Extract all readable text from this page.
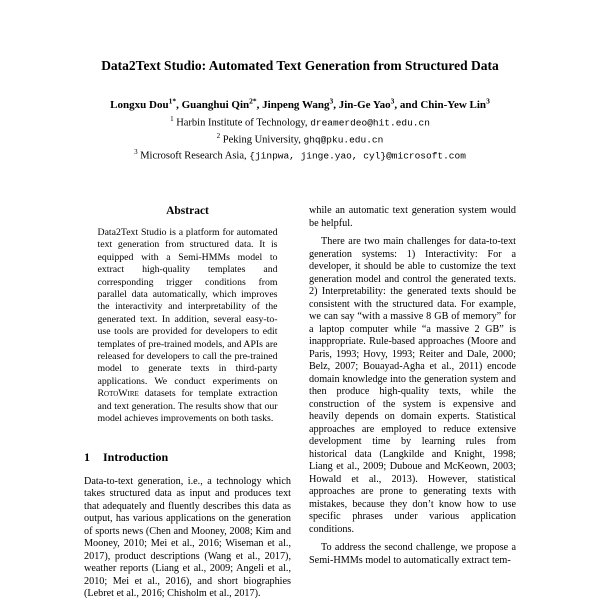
Data2Text Studio: Automated Text Generation from Structured Data
Longxu Dou$^{1*}$, Guanghui Qin$^{2*}$, Jinpeng Wang$^3$, Jin-Ge Yao$^3$, and Chin-Yew Lin$^3$
$^1$ Harbin Institute of Technology, dreamerdeo@hit.edu.cn
$^2$ Peking University, ghq@pku.edu.cn
$^3$ Microsoft Research Asia, {jinpwa, jinge.yao, cyl}@microsoft.com
Abstract

Data2Text Studio is a platform for automated text generation from structured data. It is equipped with a Semi-HMMs model to extract high-quality templates and corresponding trigger conditions from parallel data automatically, which improves the interactivity and interpretability of the generated text. In addition, several easy-to-use tools are provided for developers to edit templates of pre-trained models, and APIs are released for developers to call the pre-trained model to generate texts in third-party applications. We conduct experiments on RotoWire datasets for template extraction and text generation. The results show that our model achieves improvements on both tasks.

1 Introduction

Data-to-text generation, i.e., a technology which takes structured data as input and produces text that adequately and fluently describes this data as output, has various applications on the generation of sports news (Chen and Mooney, 2008; Kim and Mooney, 2010; Mei et al., 2016; Wiseman et al., 2017), product descriptions (Wang et al., 2017), weather reports (Liang et al., 2009; Angeli et al., 2010; Mei et al., 2016), and short biographies (Lebret et al., 2016; Chisholm et al., 2017).

while an automatic text generation system would be helpful.

There are two main challenges for data-to-text generation systems: 1) Interactivity: For a developer, it should be able to customize the text generation model and control the generated texts. 2) Interpretability: the generated texts should be consistent with the structured data. For example, we can say “with a massive 8 GB of memory” for a laptop computer while “a massive 2 GB” is inappropriate. Rule-based approaches (Moore and Paris, 1993; Hovy, 1993; Reiter and Dale, 2000; Belz, 2007; Bouayad-Agha et al., 2011) encode domain knowledge into the generation system and then produce high-quality texts, while the construction of the system is expensive and heavily depends on domain experts. Statistical approaches are employed to reduce extensive development time by learning rules from historical data (Langkilde and Knight, 1998; Liang et al., 2009; Duboue and McKeown, 2003; Howald et al., 2013). However, statistical approaches are prone to generating texts with mistakes, because they don’t know how to use specific phrases under various application conditions.

To address the second challenge, we propose a Semi-HMMs model to automatically extract tem-
